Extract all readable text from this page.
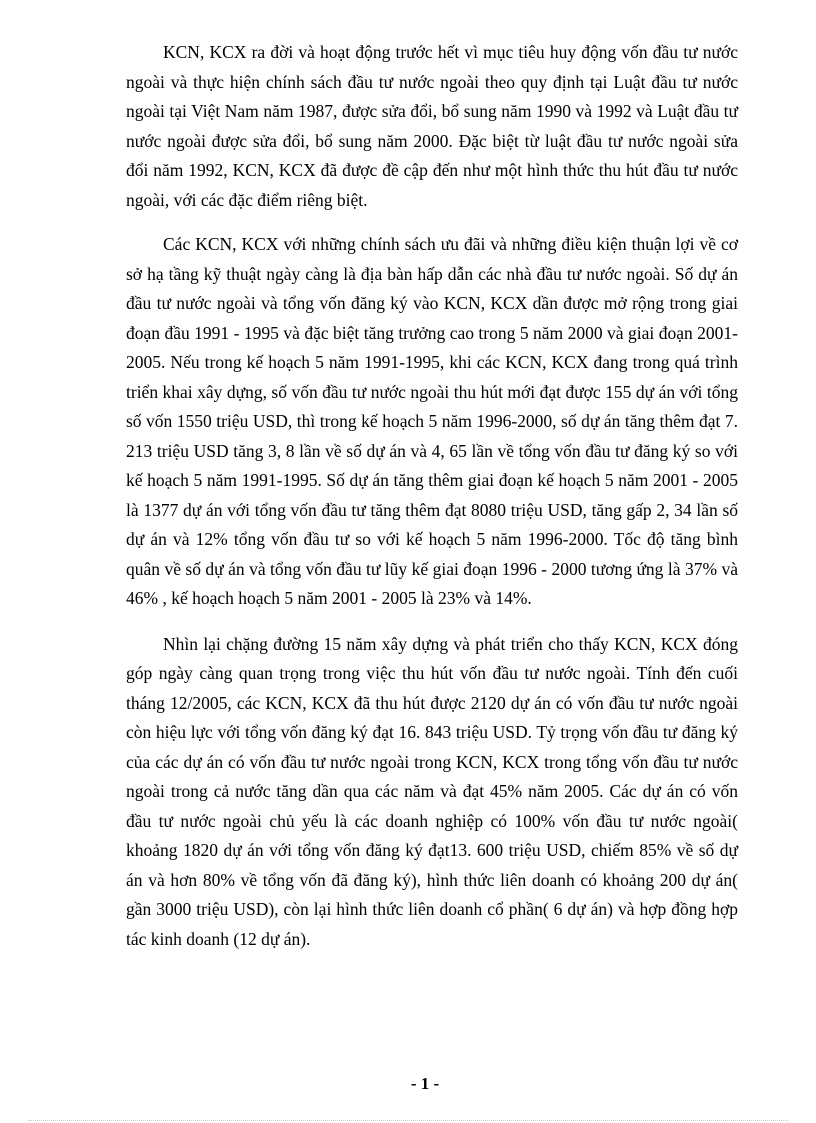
KCN, KCX ra đời và hoạt động trước hết vì mục tiêu huy động vốn đầu tư nước ngoài và thực hiện chính sách đầu tư nước ngoài theo quy định tại Luật đầu tư nước ngoài tại Việt Nam năm 1987, được sửa đổi, bổ sung năm 1990 và 1992 và Luật đầu tư nước ngoài được sửa đổi, bổ sung năm 2000. Đặc biệt từ luật đầu tư nước ngoài sửa đổi năm 1992, KCN, KCX đã được đề cập đến như một hình thức thu hút đầu tư nước ngoài, với các đặc điểm riêng biệt.

Các KCN, KCX với những chính sách ưu đãi và những điều kiện thuận lợi về cơ sở hạ tầng kỹ thuật ngày càng là địa bàn hấp dẫn các nhà đầu tư nước ngoài. Số dự án đầu tư nước ngoài và tổng vốn đăng ký vào KCN, KCX dần được mở rộng trong giai đoạn đầu 1991 - 1995 và đặc biệt tăng trưởng cao trong 5 năm 2000 và giai đoạn 2001- 2005. Nếu trong kế hoạch 5 năm 1991-1995, khi các KCN, KCX đang trong quá trình triển khai xây dựng, số vốn đầu tư nước ngoài thu hút mới đạt được 155 dự án với tổng số vốn 1550 triệu USD, thì trong kế hoạch 5 năm 1996-2000, số dự án tăng thêm đạt 7. 213 triệu USD tăng 3, 8 lần về số dự án và 4, 65 lần về tổng vốn đầu tư đăng ký so với kế hoạch 5 năm 1991-1995. Số dự án tăng thêm giai đoạn kế hoạch 5 năm 2001 - 2005 là 1377 dự án với tổng vốn đầu tư tăng thêm đạt 8080 triệu USD, tăng gấp 2, 34 lần số dự án và 12% tổng vốn đầu tư so với kế hoạch 5 năm 1996-2000. Tốc độ tăng bình quân về số dự án và tổng vốn đầu tư lũy kế giai đoạn 1996 - 2000 tương ứng là 37% và 46% , kế hoạch hoạch 5 năm 2001 - 2005 là 23% và 14%.

Nhìn lại chặng đường 15 năm xây dựng và phát triển cho thấy KCN, KCX đóng góp ngày càng quan trọng trong việc thu hút vốn đầu tư nước ngoài. Tính đến cuối tháng 12/2005, các KCN, KCX đã thu hút được 2120 dự án có vốn đầu tư nước ngoài còn hiệu lực với tổng vốn đăng ký đạt 16. 843 triệu USD. Tỷ trọng vốn đầu tư đăng ký của các dự án có vốn đầu tư nước ngoài trong KCN, KCX trong tổng vốn đầu tư nước ngoài trong cả nước tăng dần qua các năm và đạt 45% năm 2005. Các dự án có vốn đầu tư nước ngoài chủ yếu là các doanh nghiệp có 100% vốn đầu tư nước ngoài( khoảng 1820 dự án với tổng vốn đăng ký đạt13. 600 triệu USD, chiếm 85% về số dự án và hơn 80% về tổng vốn đã đăng ký), hình thức liên doanh có khoảng 200 dự án( gần 3000 triệu USD), còn lại hình thức liên doanh cổ phần( 6 dự án) và hợp đồng hợp tác kinh doanh (12 dự án).

- 1 -
